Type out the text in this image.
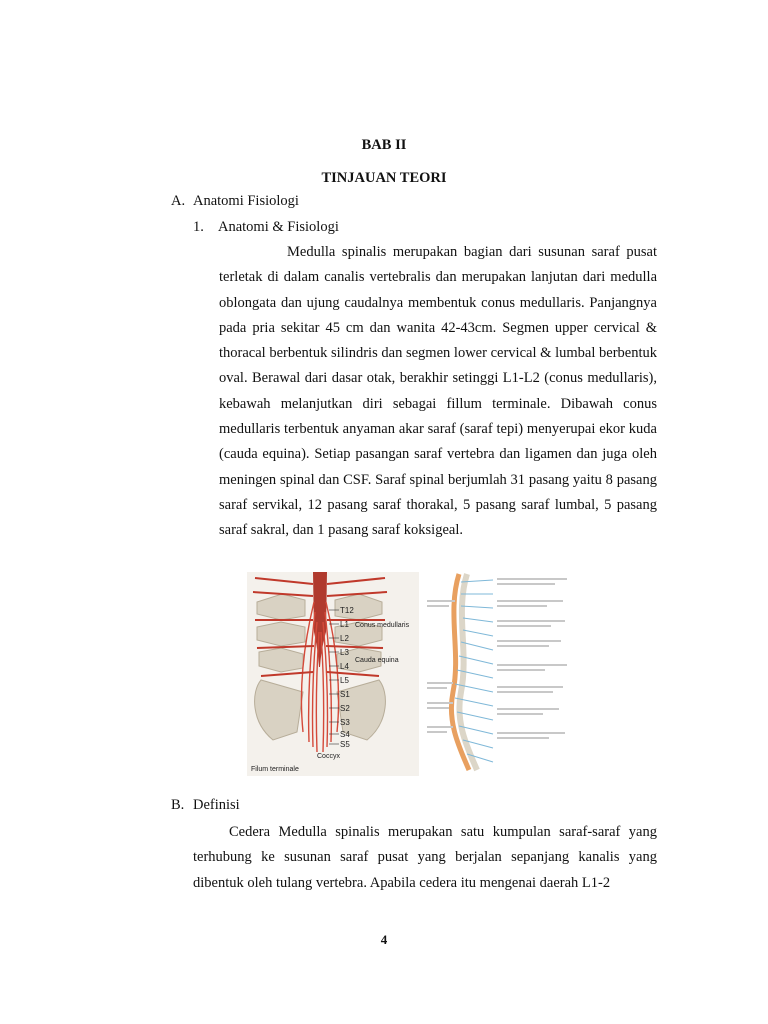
BAB II
TINJAUAN TEORI
A. Anatomi Fisiologi
1. Anatomi & Fisiologi

Medulla spinalis merupakan bagian dari susunan saraf pusat terletak di dalam canalis vertebralis dan merupakan lanjutan dari medulla oblongata dan ujung caudalnya membentuk conus medullaris. Panjangnya pada pria sekitar 45 cm dan wanita 42-43cm. Segmen upper cervical & thoracal berbentuk silindris dan segmen lower cervical & lumbal berbentuk oval. Berawal dari dasar otak, berakhir setinggi L1-L2 (conus medullaris), kebawah melanjutkan diri sebagai fillum terminale. Dibawah conus medullaris terbentuk anyaman akar saraf (saraf tepi) menyerupai ekor kuda (cauda equina). Setiap pasangan saraf vertebra dan ligamen dan juga oleh meningen spinal dan CSF. Saraf spinal berjumlah 31 pasang yaitu 8 pasang saraf servikal, 12 pasang saraf thorakal, 5 pasang saraf lumbal, 5 pasang saraf sakral, dan 1 pasang saraf koksigeal.

T12
L1
L2
L3
L4
L5
S1
S2
S3
S4
S5
Conus medullaris
Cauda equina
Coccyx
Filum terminale
B. Definisi

Cedera Medulla spinalis merupakan satu kumpulan saraf-saraf yang terhubung ke susunan saraf pusat yang berjalan sepanjang kanalis yang dibentuk oleh tulang vertebra. Apabila cedera itu mengenai daerah L1-2

4
